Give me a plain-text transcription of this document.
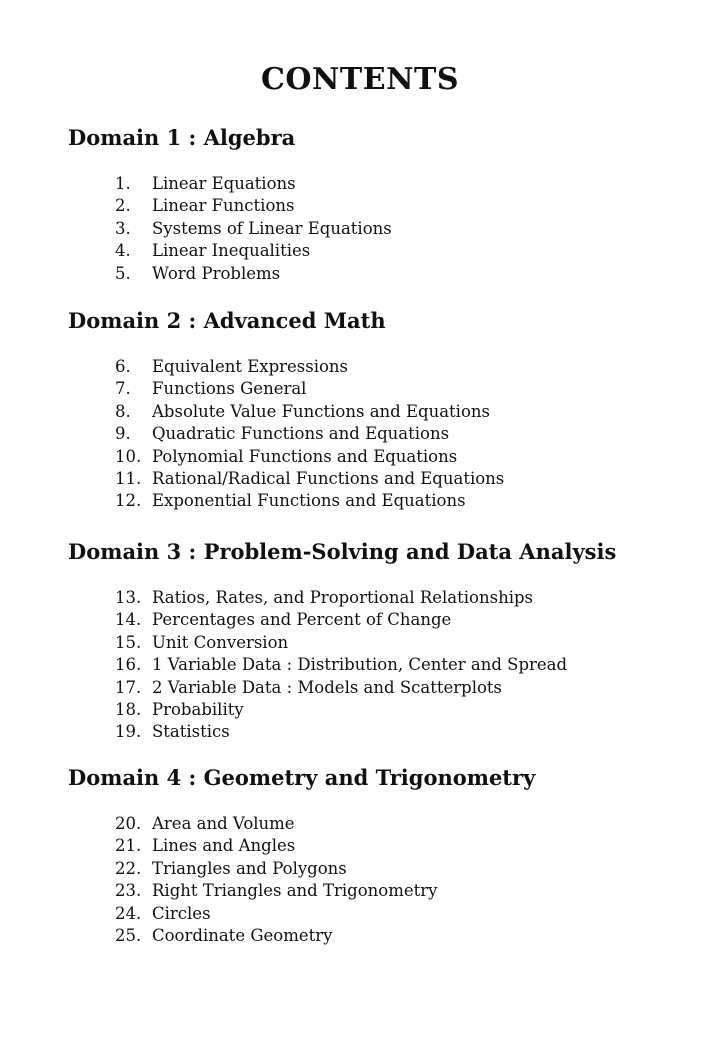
CONTENTS
Domain 1 : Algebra
1.	Linear Equations
2.	Linear Functions
3.	Systems of Linear Equations
4.	Linear Inequalities
5.	Word Problems
Domain 2 : Advanced Math
6.	Equivalent Expressions
7.	Functions General
8.	Absolute Value Functions and Equations
9.	Quadratic Functions and Equations
10. Polynomial Functions and Equations
11. Rational/Radical Functions and Equations
12. Exponential Functions and Equations
Domain 3 : Problem-Solving and Data Analysis
13. Ratios, Rates, and Proportional Relationships
14. Percentages and Percent of Change
15. Unit Conversion
16. 1 Variable Data : Distribution, Center and Spread
17. 2 Variable Data : Models and Scatterplots
18. Probability
19. Statistics
Domain 4 : Geometry and Trigonometry
20. Area and Volume
21. Lines and Angles
22. Triangles and Polygons
23. Right Triangles and Trigonometry
24. Circles
25. Coordinate Geometry
